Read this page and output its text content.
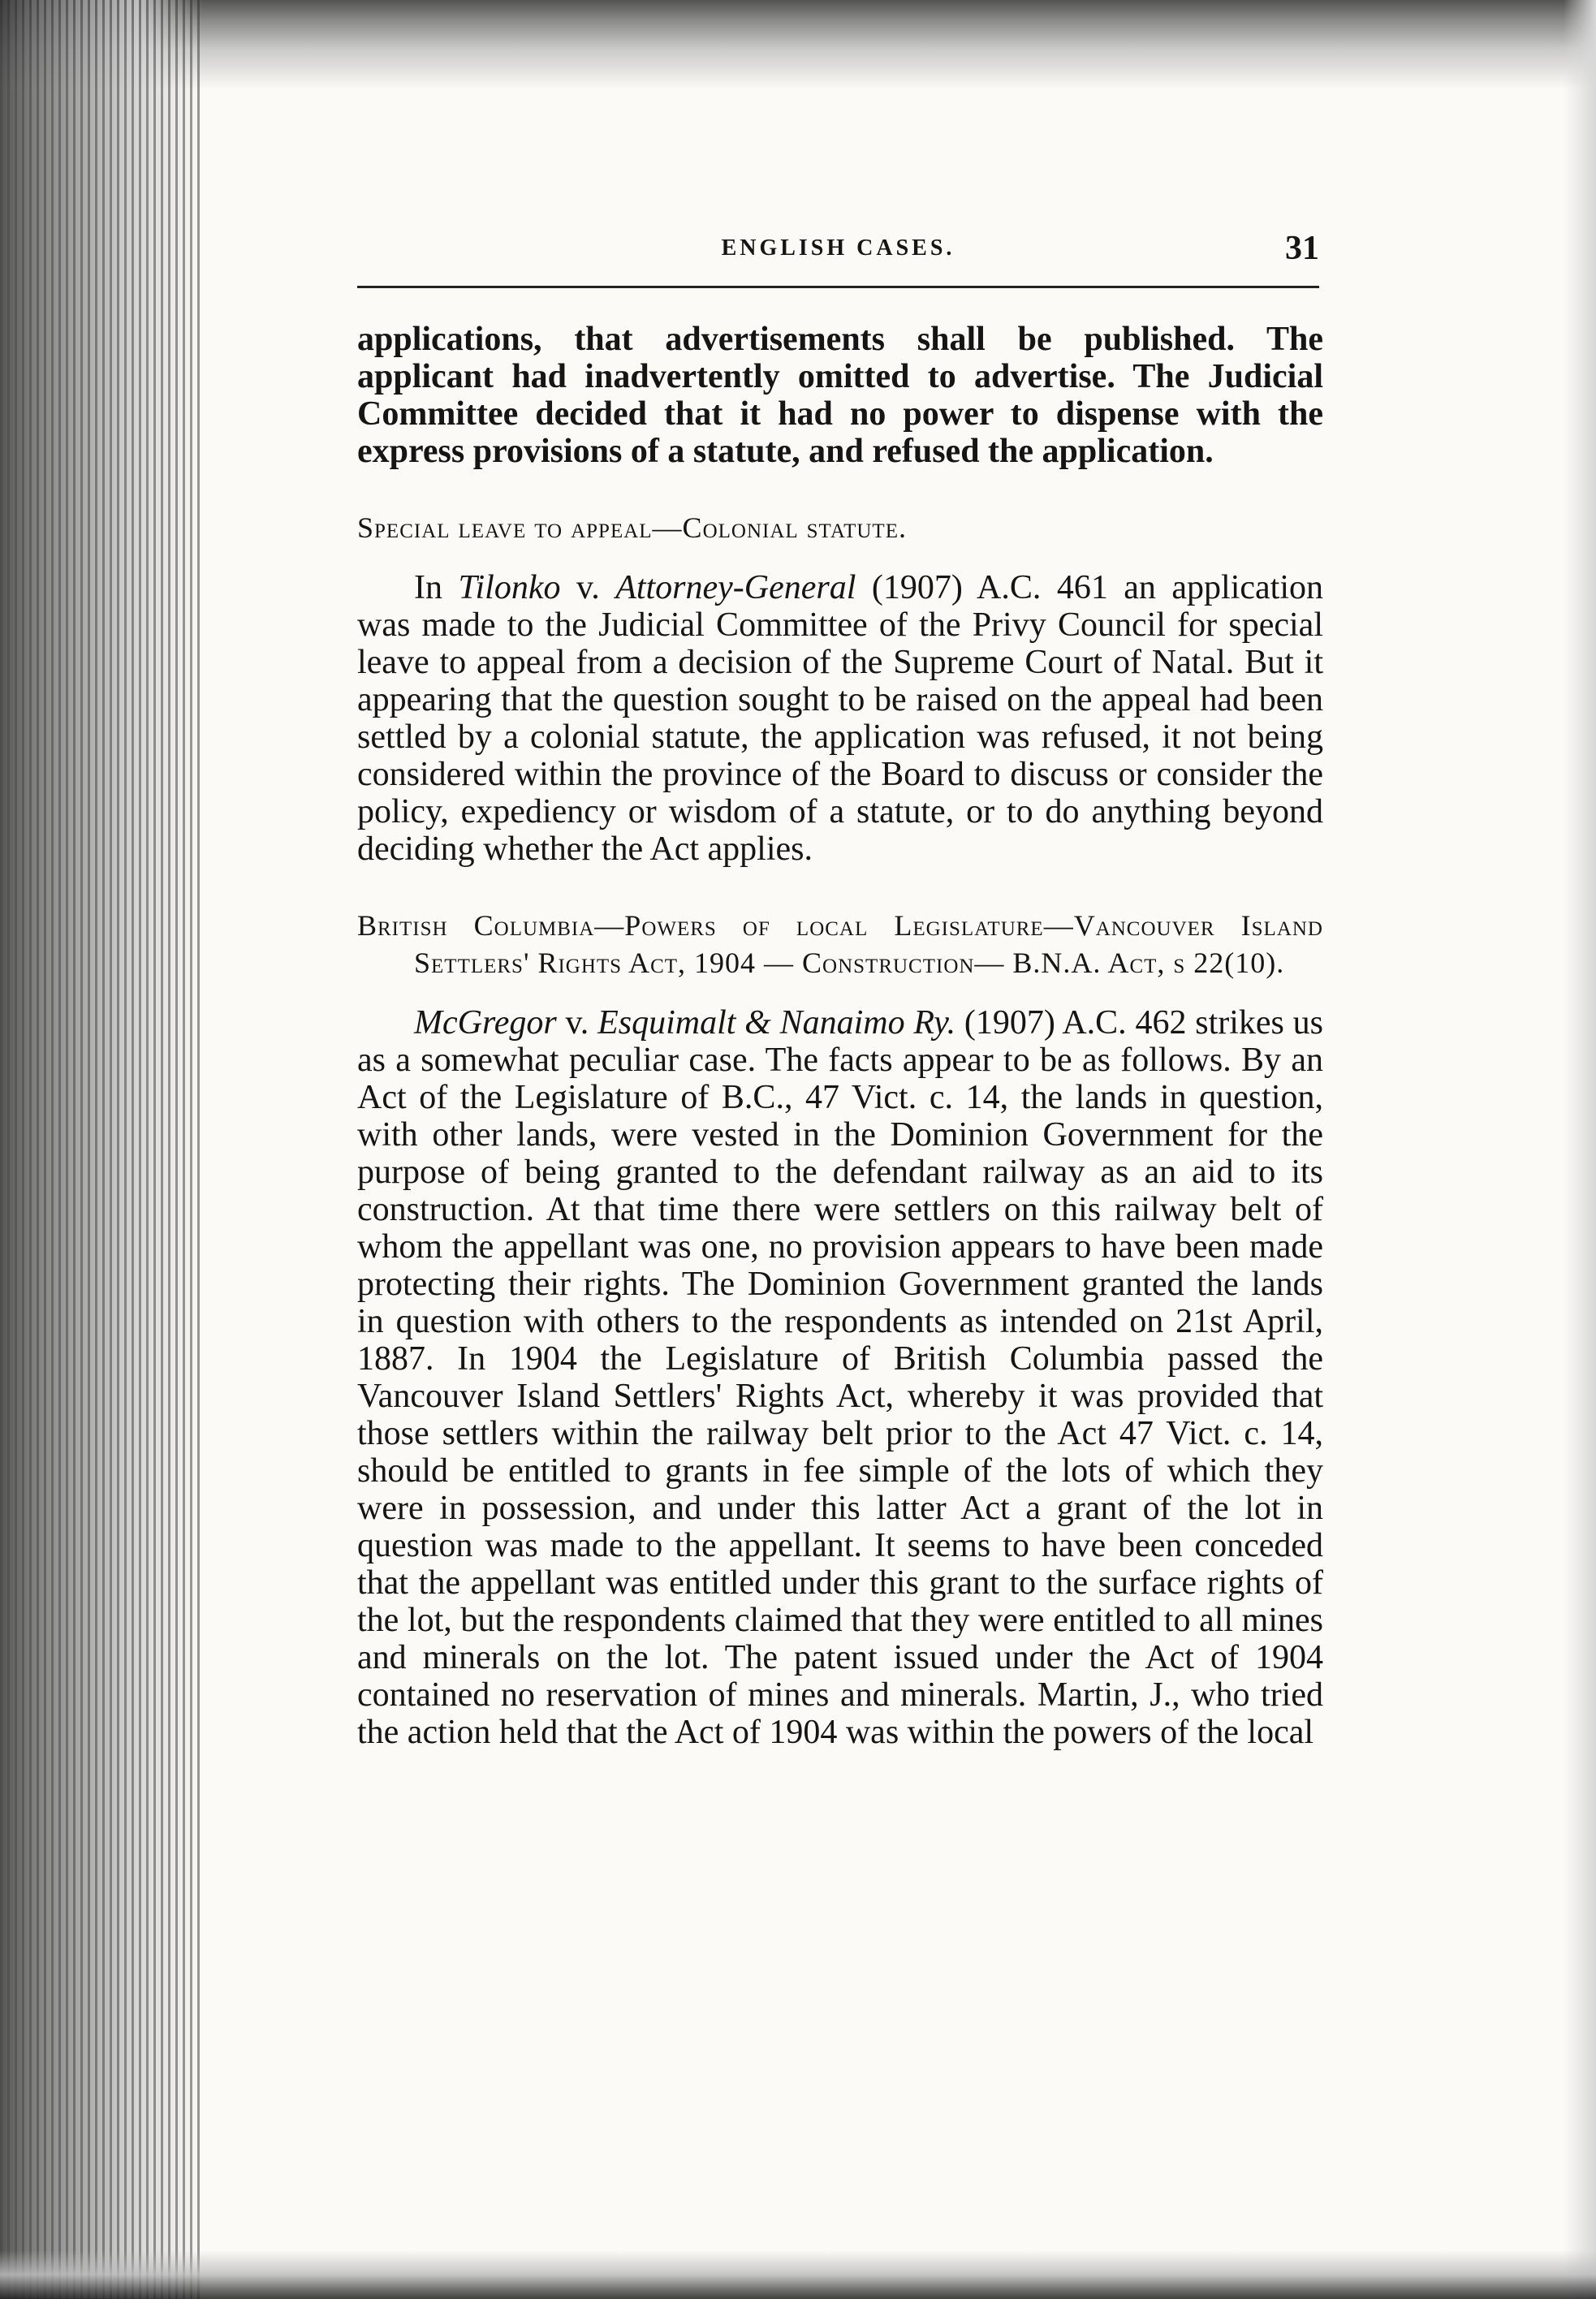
ENGLISH CASES.	31

applications, that advertisements shall be published. The applicant had inadvertently omitted to advertise. The Judicial Committee decided that it had no power to dispense with the express provisions of a statute, and refused the application.

Special leave to appeal—Colonial statute.

In Tilonko v. Attorney-General (1907) A.C. 461 an application was made to the Judicial Committee of the Privy Council for special leave to appeal from a decision of the Supreme Court of Natal. But it appearing that the question sought to be raised on the appeal had been settled by a colonial statute, the application was refused, it not being considered within the province of the Board to discuss or consider the policy, expediency or wisdom of a statute, or to do anything beyond deciding whether the Act applies.

British Columbia—Powers of local Legislature—Vancouver Island Settlers' Rights Act, 1904 — Construction— B.N.A. Act, s 22(10).

McGregor v. Esquimalt & Nanaimo Ry. (1907) A.C. 462 strikes us as a somewhat peculiar case. The facts appear to be as follows. By an Act of the Legislature of B.C., 47 Vict. c. 14, the lands in question, with other lands, were vested in the Dominion Government for the purpose of being granted to the defendant railway as an aid to its construction. At that time there were settlers on this railway belt of whom the appellant was one, no provision appears to have been made protecting their rights. The Dominion Government granted the lands in question with others to the respondents as intended on 21st April, 1887. In 1904 the Legislature of British Columbia passed the Vancouver Island Settlers' Rights Act, whereby it was provided that those settlers within the railway belt prior to the Act 47 Vict. c. 14, should be entitled to grants in fee simple of the lots of which they were in possession, and under this latter Act a grant of the lot in question was made to the appellant. It seems to have been conceded that the appellant was entitled under this grant to the surface rights of the lot, but the respondents claimed that they were entitled to all mines and minerals on the lot. The patent issued under the Act of 1904 contained no reservation of mines and minerals. Martin, J., who tried the action held that the Act of 1904 was within the powers of the local
